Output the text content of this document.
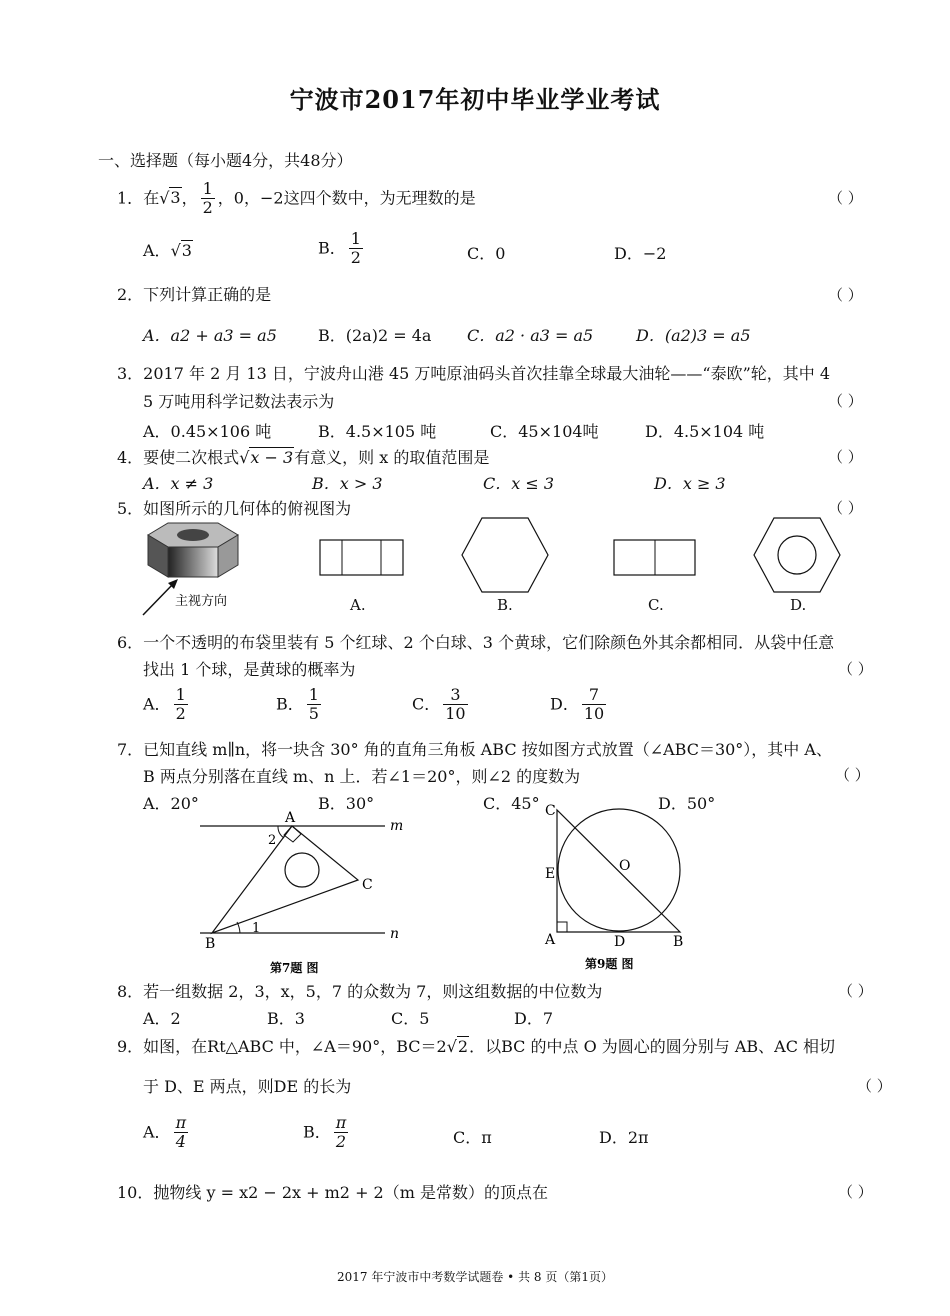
宁波市2017年初中毕业学业考试
一、选择题（每小题4分，共48分）
1．在√3， $\frac{1}{2}$ ，0，−2这四个数中，为无理数的是	（ ）
A．√3	B． $\frac{1}{2}$	C．0	D．−2
2．下列计算正确的是	（ ）
A．a2 + a3 = a5	B．(2a)2 = 4a C．a2 · a3 = a5	D．(a2)3 = a5
3．2017 年 2 月 13 日，宁波舟山港 45 万吨原油码头首次挂靠全球最大油轮——“泰欧”轮，其中 4
5 万吨用科学记数法表示为	（ ）
A．0.45×106 吨	B．4.5×105 吨	C．45×104吨	D．4.5×104 吨
4．要使二次根式√x − 3有意义，则 x 的取值范围是	（ ）
A．x ≠ 3	B．x > 3	C．x ≤ 3	D．x ≥ 3
5．如图所示的几何体的俯视图为	（ ）
主视方向	A.	B.	C.	D.
6．一个不透明的布袋里装有 5 个红球、2 个白球、3 个黄球，它们除颜色外其余都相同．从袋中任意
找出 1 个球，是黄球的概率为	（ ）
A． $\frac{1}{2}$	B． $\frac{1}{5}$	C． $\frac{3}{10}$	D． $\frac{7}{10}$
7．已知直线 m∥n，将一块含 30° 角的直角三角板 ABC 按如图方式放置（∠ABC＝30°），其中 A、
B 两点分别落在直线 m、n 上．若∠1＝20°，则∠2 的度数为	（ ）
A．20°	B．30°	C．45°	D．50°
A
B
C
m
n
1
2
第7题 图
C
E
A	D	B
O
第9题 图
8．若一组数据 2，3，x，5，7 的众数为 7，则这组数据的中位数为	（ ）
A．2	B．3	C．5	D．7
9．如图，在Rt△ABC 中，∠A＝90°，BC＝2√2．以BC 的中点 O 为圆心的圆分别与 AB、AC 相切
于 D、E 两点，则DE 的长为	（ ）
A． $\frac{\pi}{4}$	B． $\frac{\pi}{2}$	C．π	D．2π
10．抛物线 y = x2 − 2x + m2 + 2（m 是常数）的顶点在	（ ）
2017 年宁波市中考数学试题卷 • 共 8 页（第1页）
